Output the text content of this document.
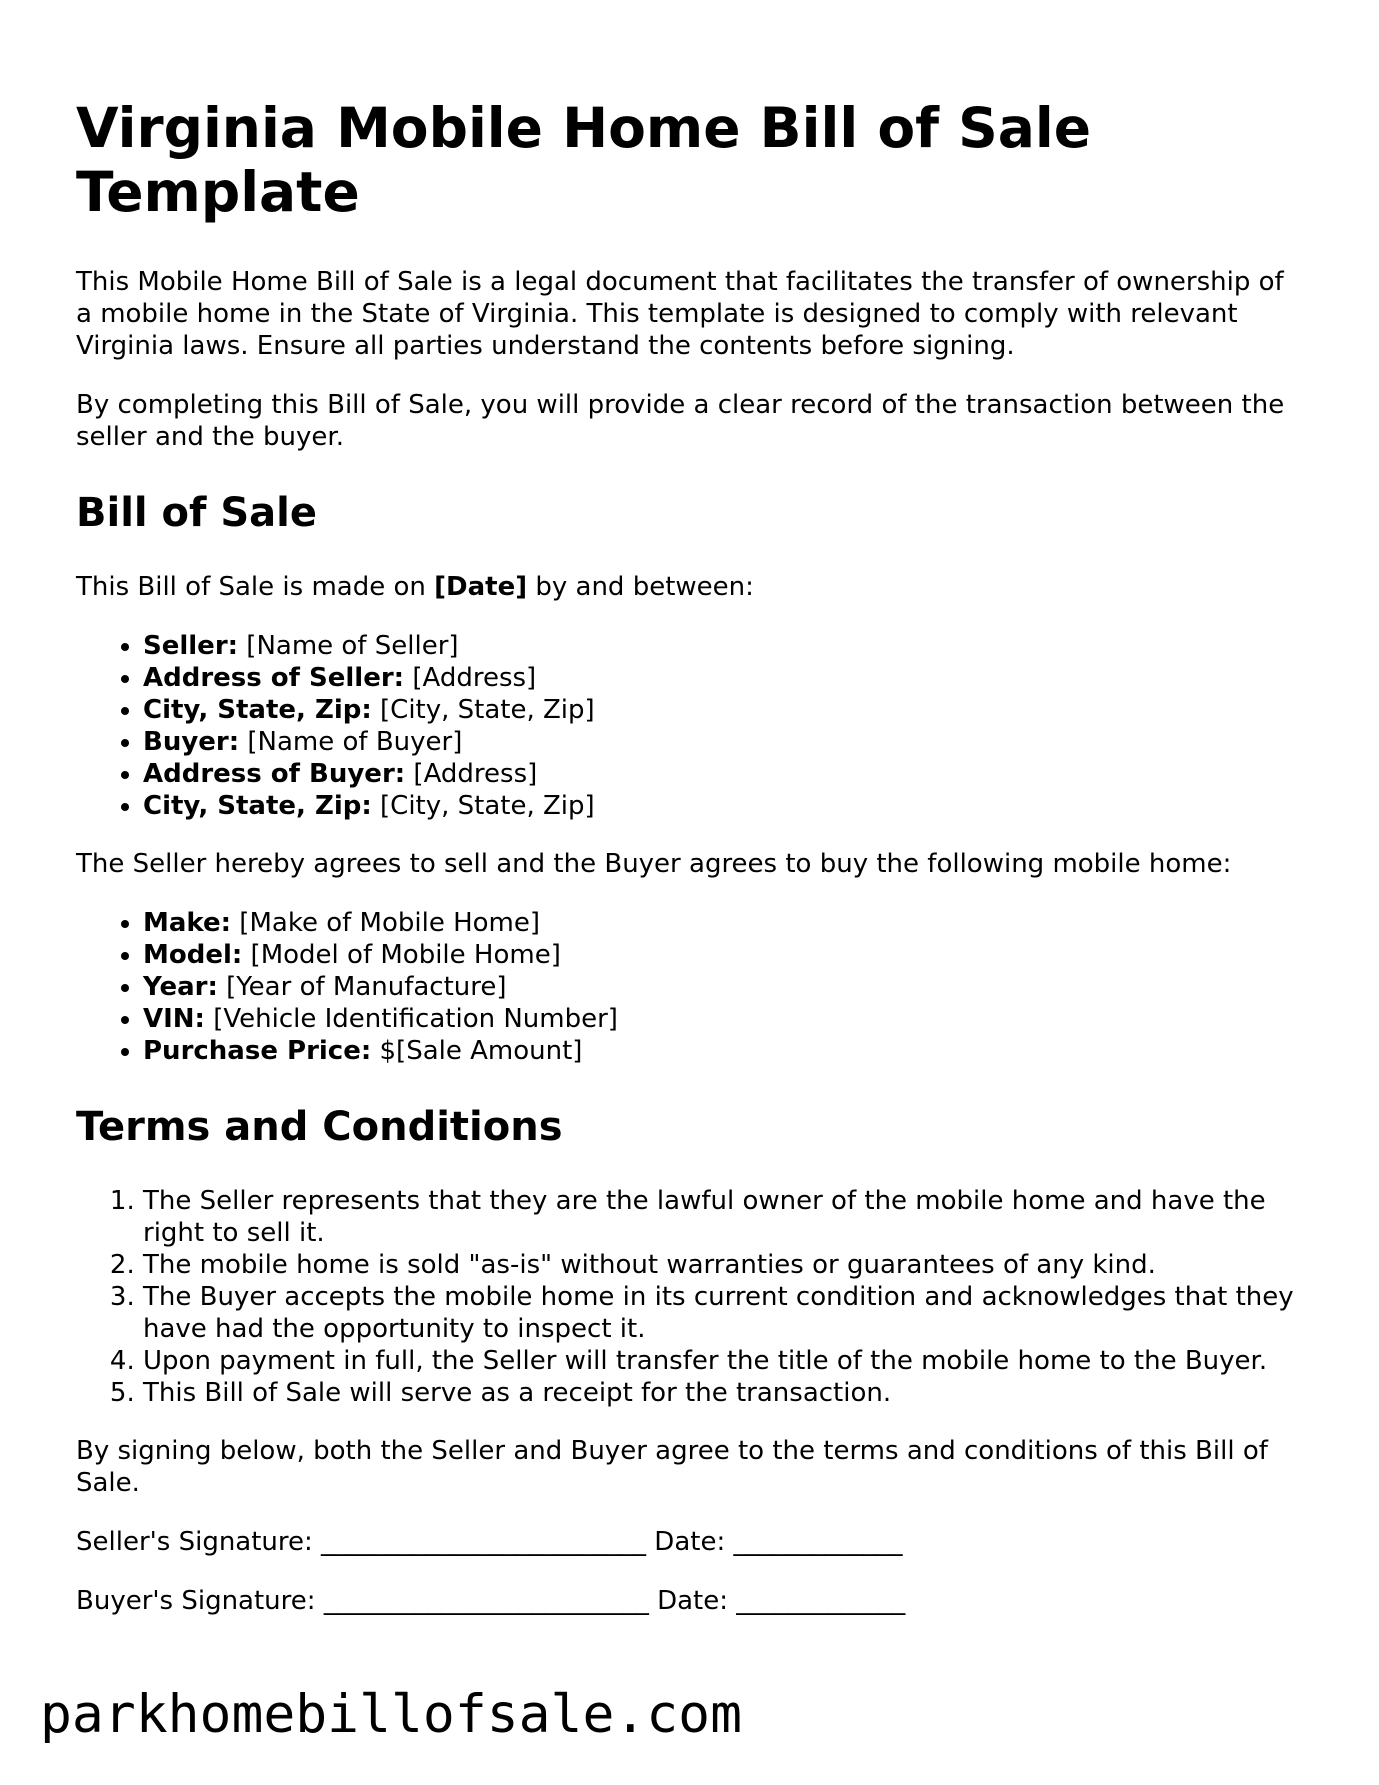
Virginia Mobile Home Bill of Sale Template

This Mobile Home Bill of Sale is a legal document that facilitates the transfer of ownership of a mobile home in the State of Virginia. This template is designed to comply with relevant Virginia laws. Ensure all parties understand the contents before signing.

By completing this Bill of Sale, you will provide a clear record of the transaction between the seller and the buyer.

Bill of Sale

This Bill of Sale is made on [Date] by and between:

• Seller: [Name of Seller]
• Address of Seller: [Address]
• City, State, Zip: [City, State, Zip]
• Buyer: [Name of Buyer]
• Address of Buyer: [Address]
• City, State, Zip: [City, State, Zip]

The Seller hereby agrees to sell and the Buyer agrees to buy the following mobile home:

• Make: [Make of Mobile Home]
• Model: [Model of Mobile Home]
• Year: [Year of Manufacture]
• VIN: [Vehicle Identification Number]
• Purchase Price: $[Sale Amount]
Terms and Conditions
1. The Seller represents that they are the lawful owner of the mobile home and have the right to sell it.
2. The mobile home is sold "as-is" without warranties or guarantees of any kind.
3. The Buyer accepts the mobile home in its current condition and acknowledges that they have had the opportunity to inspect it.
4. Upon payment in full, the Seller will transfer the title of the mobile home to the Buyer.
5. This Bill of Sale will serve as a receipt for the transaction.

By signing below, both the Seller and Buyer agree to the terms and conditions of this Bill of Sale.

Seller's Signature: _________________________ Date: _____________
Buyer's Signature: _________________________ Date: _____________
parkhomebillofsale.com
